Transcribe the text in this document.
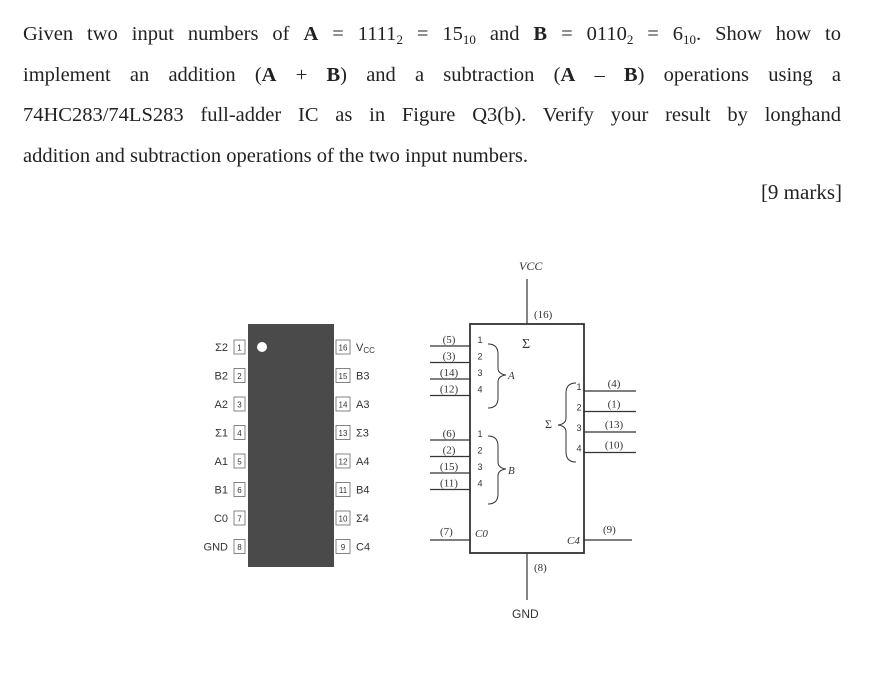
Given two input numbers of $A = 1111_2 = 15_{10}$ and $B = 0110_2 = 6_{10}$. Show how to
implement an addition (A + B) and a subtraction (A – B) operations using a
74HC283/74LS283 full-adder IC as in Figure Q3(b). Verify your result by longhand
addition and subtraction operations of the two input numbers.
[9 marks]
1
Σ2
2
B2
3
A2
4
Σ1
5
A1
6
B1
7
C0
8
GND
16 VCC
15 B3
14 A3
13 Σ3
12 A4
11 B4
10 Σ4
9 C4
VCC
(16)
Σ
(8)
GND
(5) 1
(3) 2
(14) 3
(12) 4
(6) 1
(2) 2
(15) 3
(11) 4
(4)
1
(1)
2
(13)
3
(10)
4
A
B
Σ
(7) C0	(9)
C4
